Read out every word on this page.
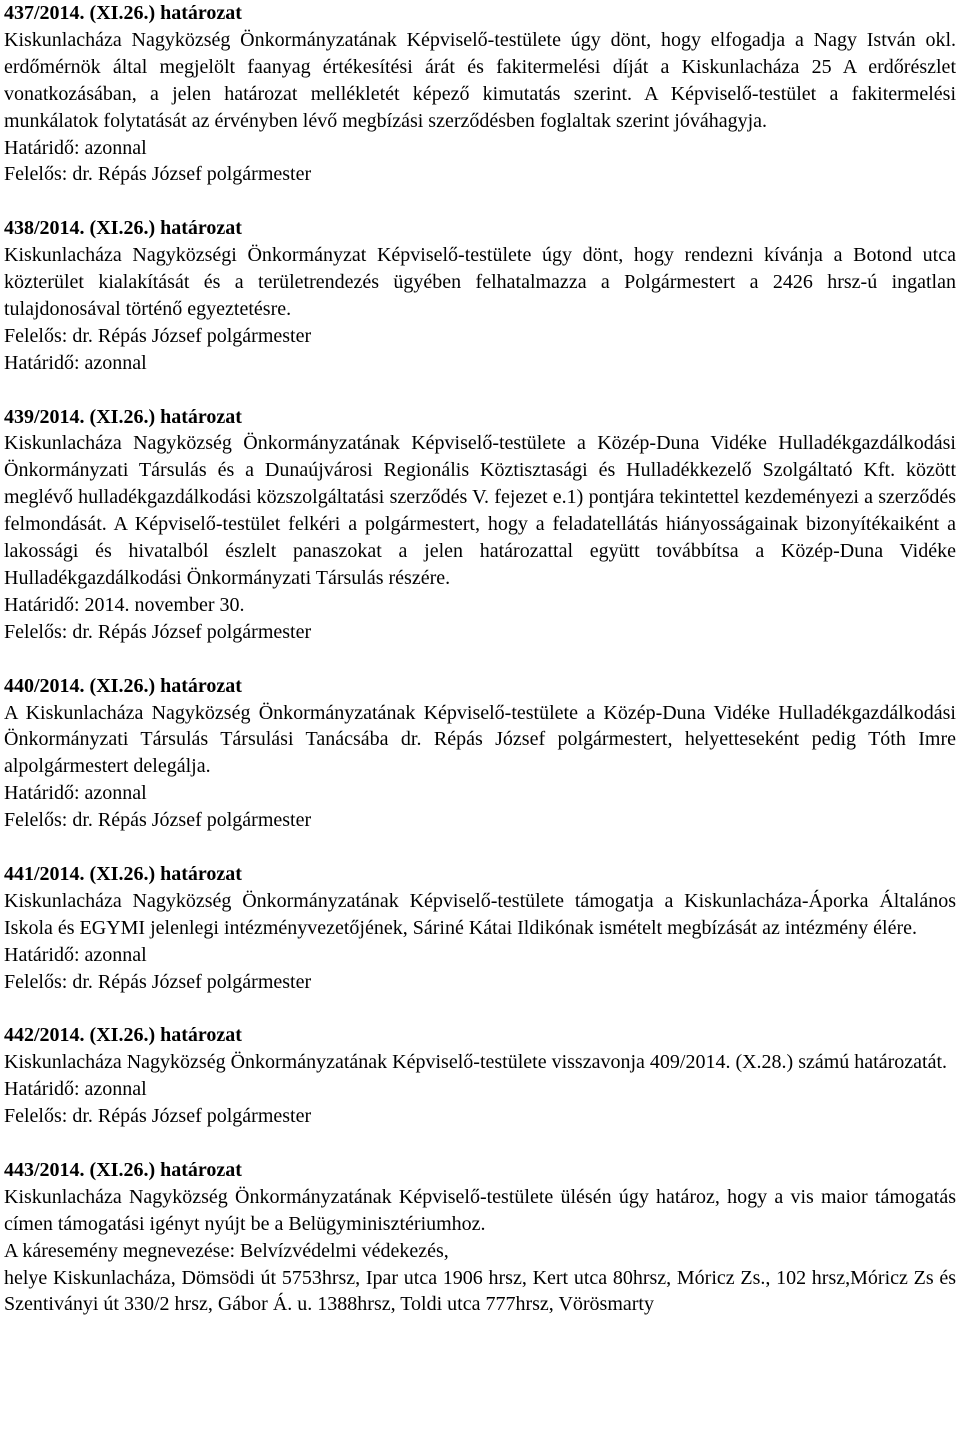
437/2014. (XI.26.) határozat
Kiskunlacháza Nagyközség Önkormányzatának Képviselő-testülete úgy dönt, hogy elfogadja a Nagy István okl. erdőmérnök által megjelölt faanyag értékesítési árát és fakitermelési díját a Kiskunlacháza 25 A erdőrészlet vonatkozásában, a jelen határozat mellékletét képező kimutatás szerint. A Képviselő-testület a fakitermelési munkálatok folytatását az érvényben lévő megbízási szerződésben foglaltak szerint jóváhagyja.
Határidő: azonnal
Felelős: dr. Répás József polgármester
438/2014. (XI.26.) határozat
Kiskunlacháza Nagyközségi Önkormányzat Képviselő-testülete úgy dönt, hogy rendezni kívánja a Botond utca közterület kialakítását és a területrendezés ügyében felhatalmazza a Polgármestert a 2426 hrsz-ú ingatlan tulajdonosával történő egyeztetésre.
Felelős: dr. Répás József polgármester
Határidő: azonnal
439/2014. (XI.26.) határozat
Kiskunlacháza Nagyközség Önkormányzatának Képviselő-testülete a Közép-Duna Vidéke Hulladékgazdálkodási Önkormányzati Társulás és a Dunaújvárosi Regionális Köztisztasági és Hulladékkezelő Szolgáltató Kft. között meglévő hulladékgazdálkodási közszolgáltatási szerződés V. fejezet e.1) pontjára tekintettel kezdeményezi a szerződés felmondását. A Képviselő-testület felkéri a polgármestert, hogy a feladatellátás hiányosságainak bizonyítékaiként a lakossági és hivatalból észlelt panaszokat a jelen határozattal együtt továbbítsa a Közép-Duna Vidéke Hulladékgazdálkodási Önkormányzati Társulás részére.
Határidő: 2014. november 30.
Felelős: dr. Répás József polgármester
440/2014. (XI.26.) határozat
A Kiskunlacháza Nagyközség Önkormányzatának Képviselő-testülete a Közép-Duna Vidéke Hulladékgazdálkodási Önkormányzati Társulás Társulási Tanácsába dr. Répás József polgármestert, helyetteseként pedig Tóth Imre alpolgármestert delegálja.
Határidő: azonnal
Felelős: dr. Répás József polgármester
441/2014. (XI.26.) határozat
Kiskunlacháza Nagyközség Önkormányzatának Képviselő-testülete támogatja a Kiskunlacháza-Áporka Általános Iskola és EGYMI jelenlegi intézményvezetőjének, Sáriné Kátai Ildikónak ismételt megbízását az intézmény élére.
Határidő: azonnal
Felelős: dr. Répás József polgármester
442/2014. (XI.26.) határozat
Kiskunlacháza Nagyközség Önkormányzatának Képviselő-testülete visszavonja 409/2014. (X.28.) számú határozatát.
Határidő: azonnal
Felelős: dr. Répás József polgármester
443/2014. (XI.26.) határozat
Kiskunlacháza Nagyközség Önkormányzatának Képviselő-testülete ülésén úgy határoz, hogy a vis maior támogatás címen támogatási igényt nyújt be a Belügyminisztériumhoz.
A káresemény megnevezése: Belvízvédelmi védekezés,
helye Kiskunlacháza, Dömsödi út 5753hrsz, Ipar utca 1906 hrsz, Kert utca 80hrsz, Móricz Zs., 102 hrsz,Móricz Zs és Szentiványi út 330/2 hrsz, Gábor Á. u. 1388hrsz, Toldi utca 777hrsz, Vörösmarty
